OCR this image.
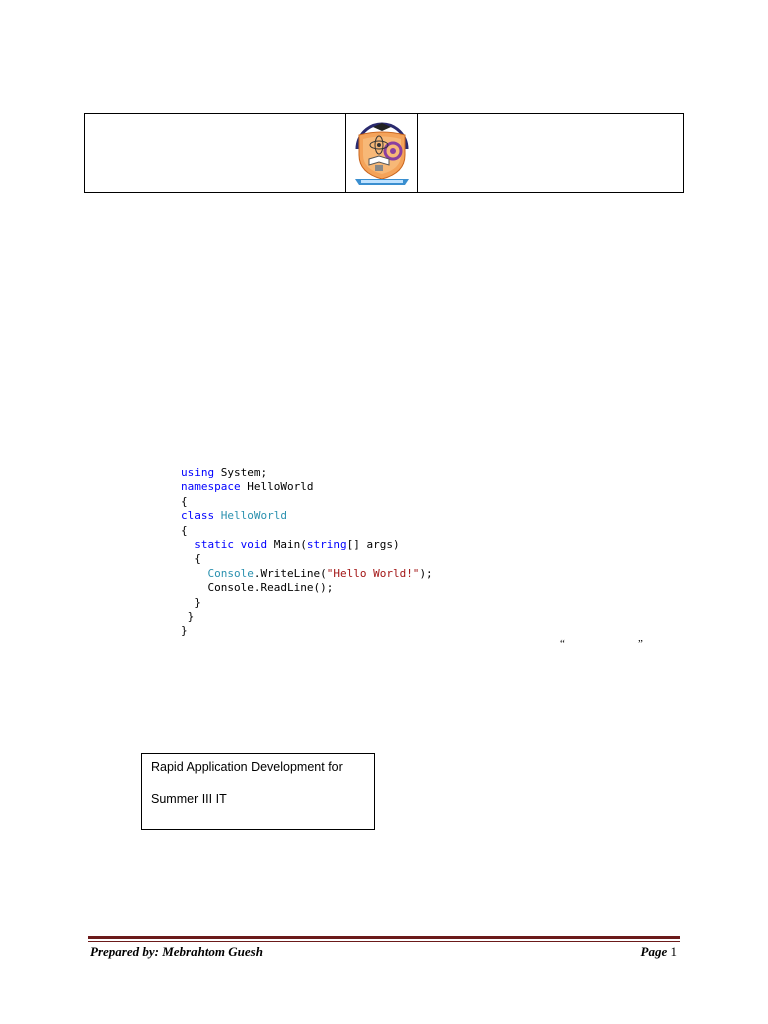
using System;
namespace HelloWorld
{
class HelloWorld
{
static void Main(string[] args)
{
Console.WriteLine("Hello World!");
Console.ReadLine();
}
}
}
“	”
Rapid Application Development for
Summer III IT
Prepared by: Mebrahtom Guesh	Page 1
